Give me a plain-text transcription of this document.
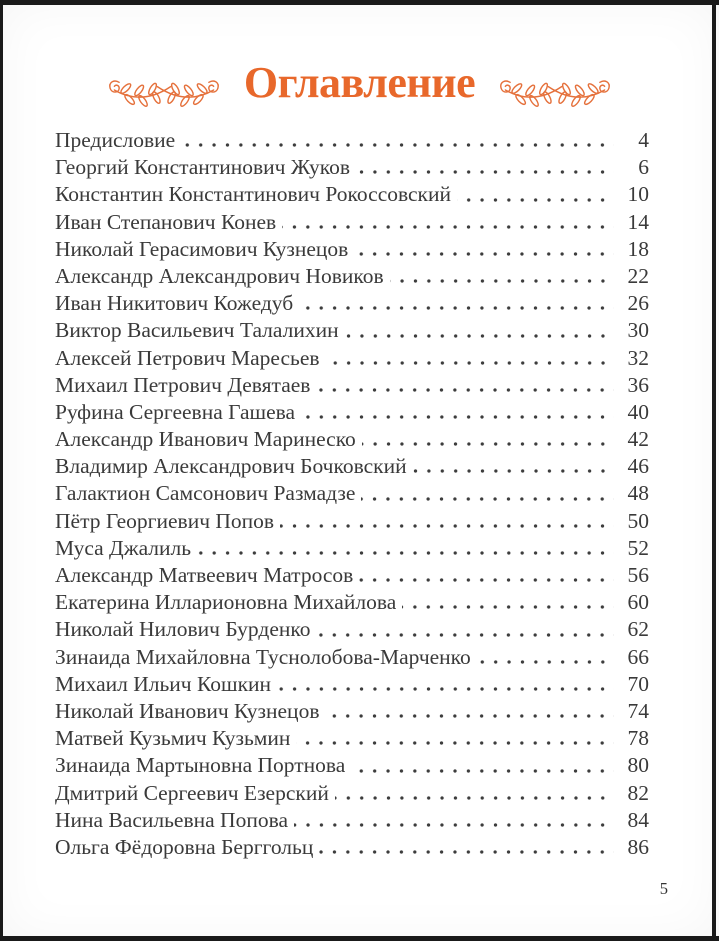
Оглавление
Предисловие	4
Георгий Константинович Жуков	6
Константин Константинович Рокоссовский	10
Иван Степанович Конев	14
Николай Герасимович Кузнецов	18
Александр Александрович Новиков	22
Иван Никитович Кожедуб	26
Виктор Васильевич Талалихин	30
Алексей Петрович Маресьев	32
Михаил Петрович Девятаев	36
Руфина Сергеевна Гашева	40
Александр Иванович Маринеско	42
Владимир Александрович Бочковский	46
Галактион Самсонович Размадзе	48
Пётр Георгиевич Попов	50
Муса Джалиль	52
Александр Матвеевич Матросов	56
Екатерина Илларионовна Михайлова	60
Николай Нилович Бурденко	62
Зинаида Михайловна Туснолобова-Марченко	66
Михаил Ильич Кошкин	70
Николай Иванович Кузнецов	74
Матвей Кузьмич Кузьмин	78
Зинаида Мартыновна Портнова	80
Дмитрий Сергеевич Езерский	82
Нина Васильевна Попова	84
Ольга Фёдоровна Берггольц	86
5
